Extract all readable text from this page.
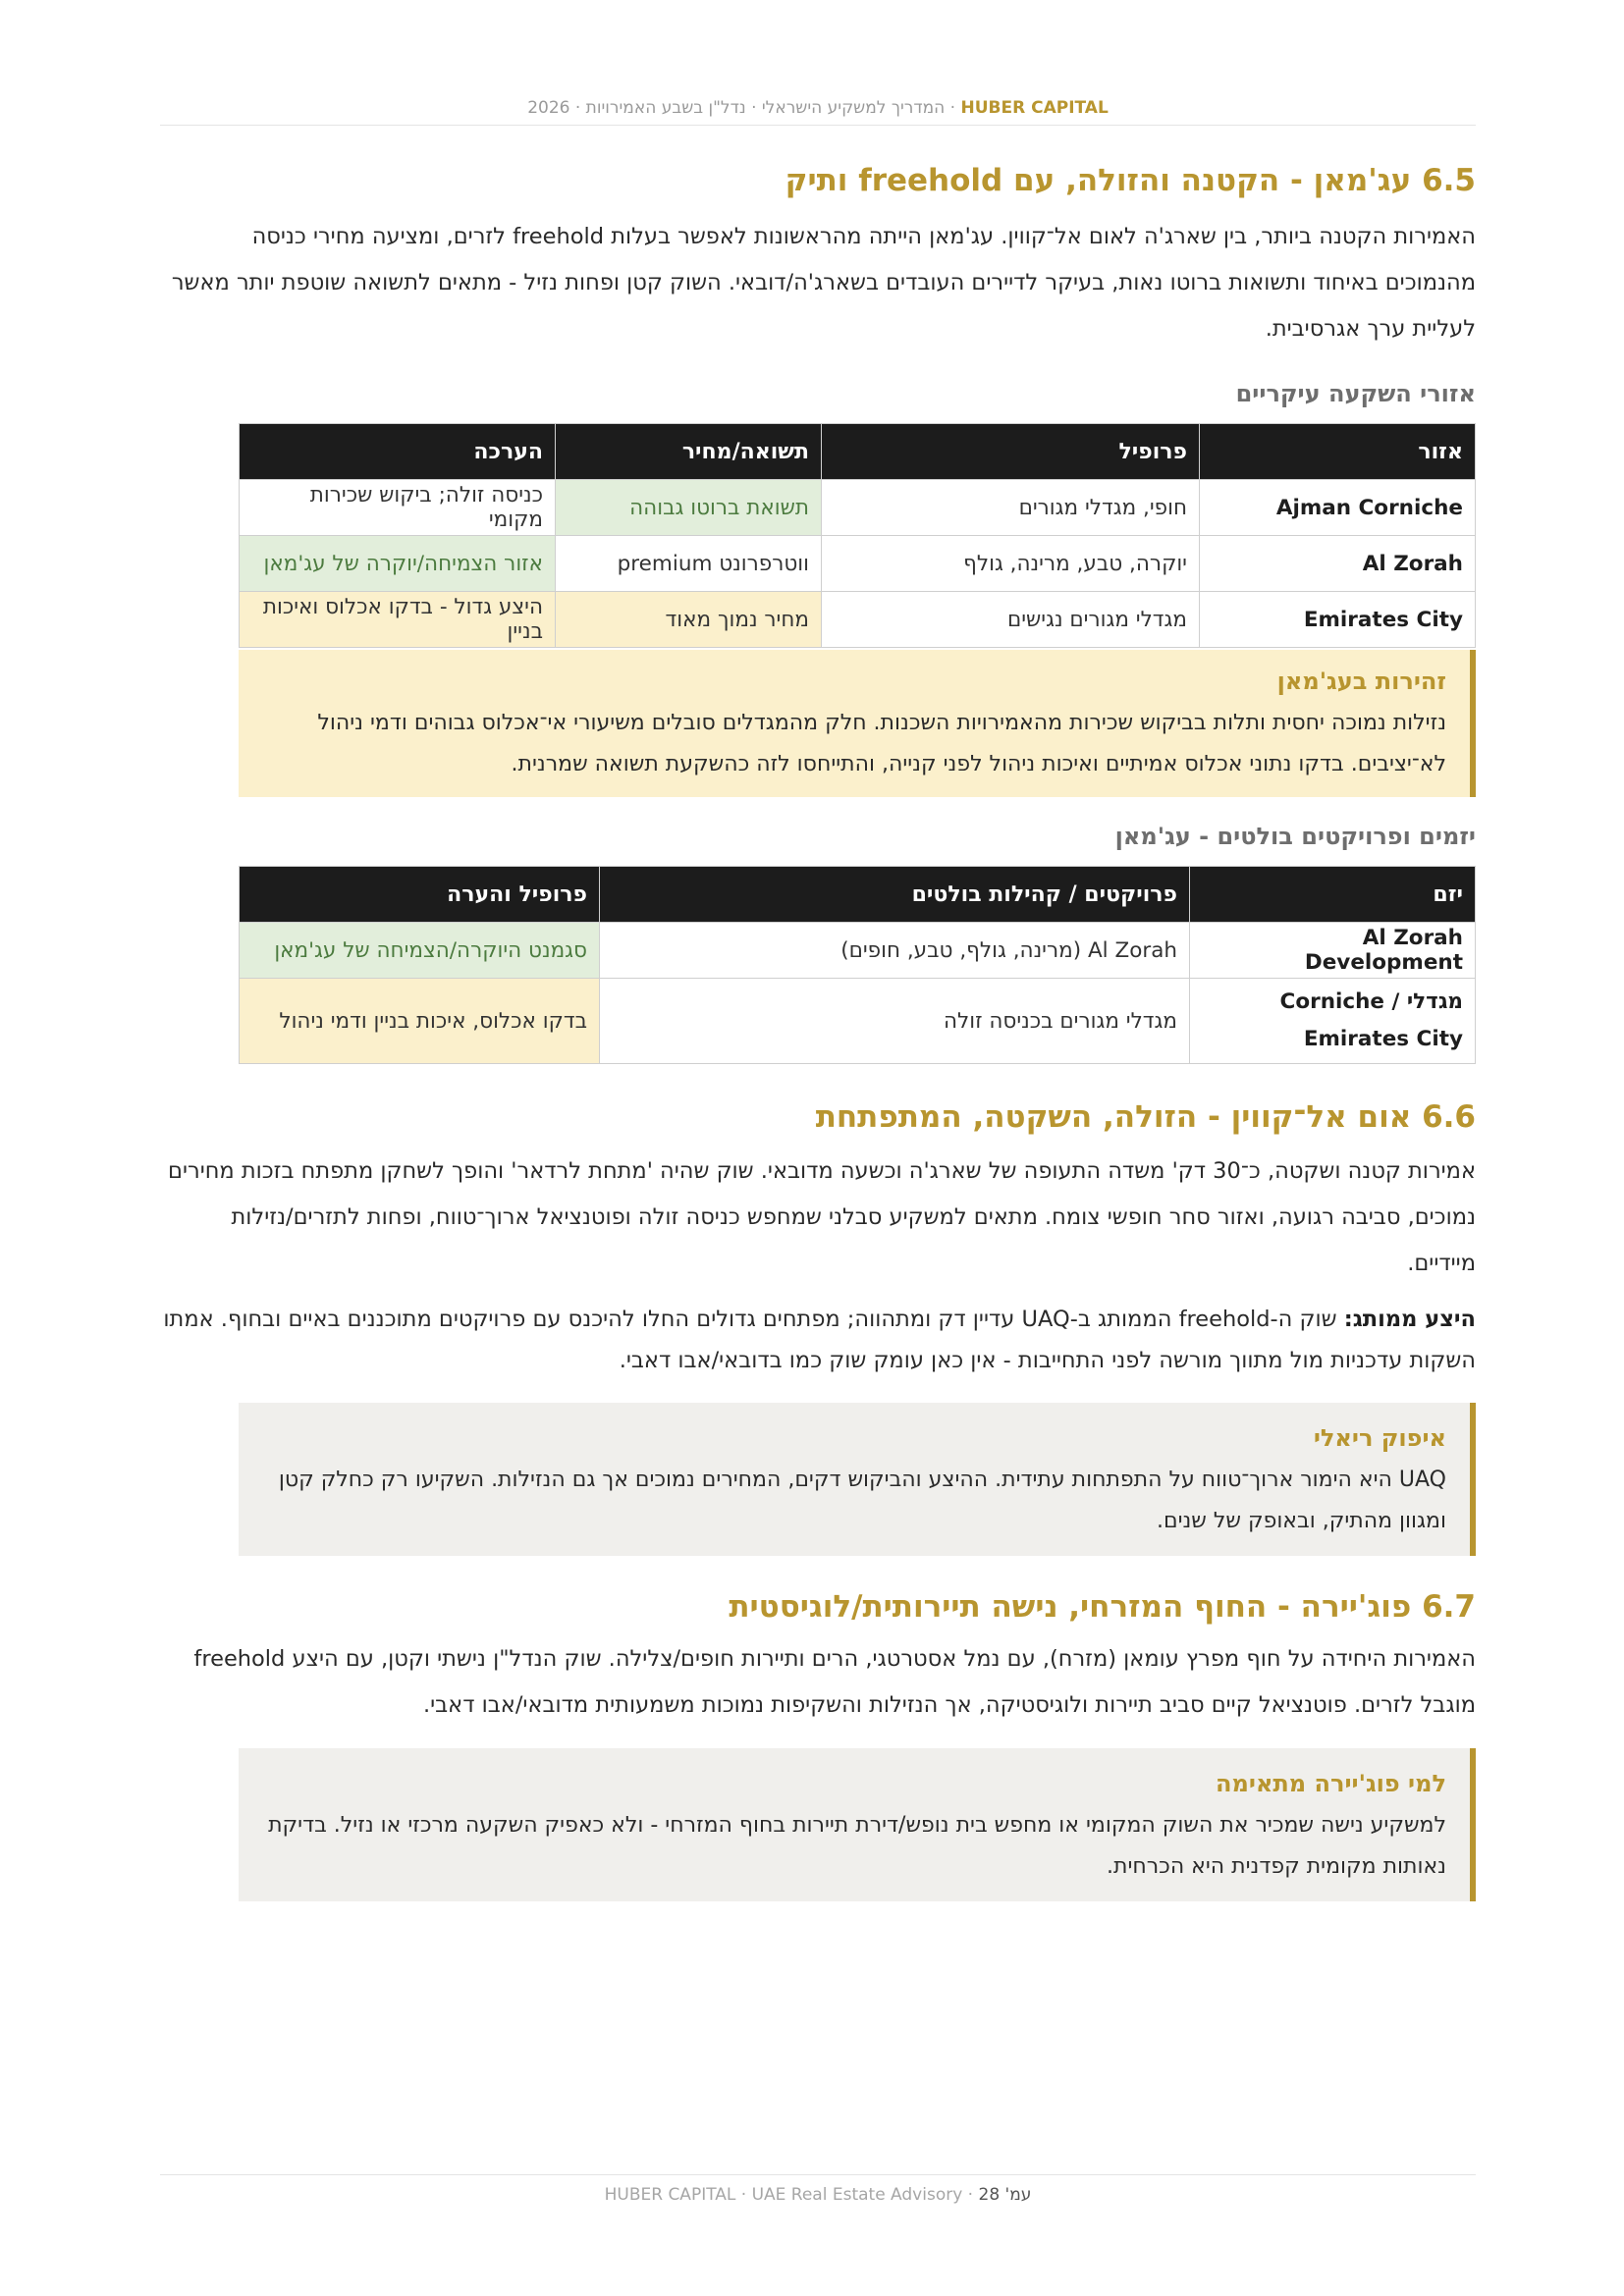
HUBER CAPITAL · המדריך למשקיע הישראלי · נדל"ן בשבע האמירויות · 2026
6.5 עג'מאן - הקטנה והזולה, עם freehold ותיק

האמירות הקטנה ביותר, בין שארג'ה לאום אל־קווין. עג'מאן הייתה מהראשונות לאפשר בעלות freehold לזרים, ומציעה מחירי כניסה מהנמוכים באיחוד ותשואות ברוטו נאות, בעיקר לדיירים העובדים בשארג'ה/דובאי. השוק קטן ופחות נזיל - מתאים לתשואה שוטפת יותר מאשר לעליית ערך אגרסיבית.

אזורי השקעה עיקריים
אזור	פרופיל	תשואה/מחיר	הערכה
Ajman Corniche	חופי, מגדלי מגורים	תשואת ברוטו גבוהה	כניסה זולה; ביקוש שכירות מקומי
Al Zorah	יוקרה, טבע, מרינה, גולף	ווטרפרונט premium	אזור הצמיחה/יוקרה של עג'מאן
Emirates City	מגדלי מגורים נגישים	מחיר נמוך מאוד	היצע גדול - בדקו אכלוס ואיכות בניין
זהירות בעג'מאן
נזילות נמוכה יחסית ותלות בביקוש שכירות מהאמירויות השכנות. חלק מהמגדלים סובלים משיעורי אי־אכלוס גבוהים ודמי ניהול לא־יציבים. בדקו נתוני אכלוס אמיתיים ואיכות ניהול לפני קנייה, והתייחסו לזה כהשקעת תשואה שמרנית.
יזמים ופרויקטים בולטים - עג'מאן
יזם	פרויקטים / קהילות בולטים	פרופיל והערה
Al Zorah Development	Al Zorah (מרינה, גולף, טבע, חופים)	סגמנט היוקרה/הצמיחה של עג'מאן
מגדלי Corniche / Emirates City	מגדלי מגורים בכניסה זולה	בדקו אכלוס, איכות בניין ודמי ניהול
6.6 אום אל־קווין - הזולה, השקטה, המתפתחת

אמירות קטנה ושקטה, כ־30 דק' משדה התעופה של שארג'ה וכשעה מדובאי. שוק שהיה 'מתחת לרדאר' והופך לשחקן מתפתח בזכות מחירים נמוכים, סביבה רגועה, ואזור סחר חופשי צומח. מתאים למשקיע סבלני שמחפש כניסה זולה ופוטנציאל ארוך־טווח, ופחות לתזרים/נזילות מיידיים.

היצע ממותג: שוק ה-freehold הממותג ב-UAQ עדיין דק ומתהווה; מפתחים גדולים החלו להיכנס עם פרויקטים מתוכננים באיים ובחוף. אמתו השקות עדכניות מול מתווך מורשה לפני התחייבות - אין כאן עומק שוק כמו בדובאי/אבו דאבי.

איפוק ריאלי
UAQ היא הימור ארוך־טווח על התפתחות עתידית. ההיצע והביקוש דקים, המחירים נמוכים אך גם הנזילות. השקיעו רק כחלק קטן ומגוון מהתיק, ובאופק של שנים.
6.7 פוג'יירה - החוף המזרחי, נישה תיירותית/לוגיסטית

האמירות היחידה על חוף מפרץ עומאן (מזרח), עם נמל אסטרטגי, הרים ותיירות חופים/צלילה. שוק הנדל"ן נישתי וקטן, עם היצע freehold מוגבל לזרים. פוטנציאל קיים סביב תיירות ולוגיסטיקה, אך הנזילות והשקיפות נמוכות משמעותית מדובאי/אבו דאבי.

למי פוג'יירה מתאימה
למשקיע נישה שמכיר את השוק המקומי או מחפש בית נופש/דירת תיירות בחוף המזרחי - ולא כאפיק השקעה מרכזי או נזיל. בדיקת נאותות מקומית קפדנית היא הכרחית.
עמ' 28 · HUBER CAPITAL · UAE Real Estate Advisory
